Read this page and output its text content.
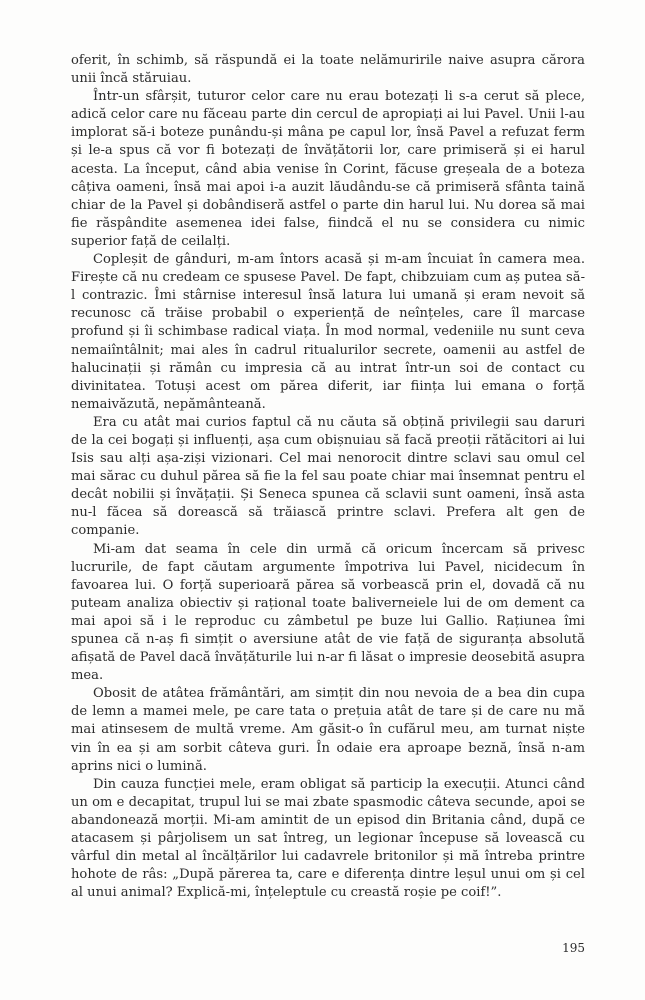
oferit, în schimb, să răspundă ei la toate nelămuririle naive asupra cărora unii încă stăruiau.

Într-un sfârșit, tuturor celor care nu erau botezați li s-a cerut să plece, adică celor care nu făceau parte din cercul de apropiați ai lui Pavel. Unii l-au implorat să-i boteze punându-și mâna pe capul lor, însă Pavel a refuzat ferm și le-a spus că vor fi botezați de învățătorii lor, care primiseră și ei harul acesta. La început, când abia venise în Corint, făcuse greșeala de a boteza câțiva oameni, însă mai apoi i-a auzit lăudându-se că primiseră sfânta taină chiar de la Pavel și dobândiseră astfel o parte din harul lui. Nu dorea să mai fie răspândite asemenea idei false, fiindcă el nu se considera cu nimic superior față de ceilalți.

Copleșit de gânduri, m-am întors acasă și m-am încuiat în camera mea. Firește că nu credeam ce spusese Pavel. De fapt, chibzuiam cum aș putea să-l contrazic. Îmi stârnise interesul însă latura lui umană și eram nevoit să recunosc că trăise probabil o experiență de neînțeles, care îl marcase profund și îi schimbase radical viața. În mod normal, vedeniile nu sunt ceva nemaiîntâlnit; mai ales în cadrul ritualurilor secrete, oamenii au astfel de halucinații și rămân cu impresia că au intrat într-un soi de contact cu divinitatea. Totuși acest om părea diferit, iar ființa lui emana o forță nemaivăzută, nepământeană.

Era cu atât mai curios faptul că nu căuta să obțină privilegii sau daruri de la cei bogați și influenți, așa cum obișnuiau să facă preoții rătăcitori ai lui Isis sau alți așa-ziși vizionari. Cel mai nenorocit dintre sclavi sau omul cel mai sărac cu duhul părea să fie la fel sau poate chiar mai însemnat pentru el decât nobilii și învățații. Și Seneca spunea că sclavii sunt oameni, însă asta nu-l făcea să dorească să trăiască printre sclavi. Prefera alt gen de companie.

Mi-am dat seama în cele din urmă că oricum încercam să privesc lucrurile, de fapt căutam argumente împotriva lui Pavel, nicidecum în favoarea lui. O forță superioară părea să vorbească prin el, dovadă că nu puteam analiza obiectiv și rațional toate baliverneiele lui de om dement ca mai apoi să i le reproduc cu zâmbetul pe buze lui Gallio. Rațiunea îmi spunea că n-aș fi simțit o aversiune atât de vie față de siguranța absolută afișată de Pavel dacă învățăturile lui n-ar fi lăsat o impresie deosebită asupra mea.

Obosit de atâtea frământări, am simțit din nou nevoia de a bea din cupa de lemn a mamei mele, pe care tata o prețuia atât de tare și de care nu mă mai atinsesem de multă vreme. Am găsit-o în cufărul meu, am turnat niște vin în ea și am sorbit câteva guri. În odaie era aproape beznă, însă n-am aprins nici o lumină.

Din cauza funcției mele, eram obligat să particip la execuții. Atunci când un om e decapitat, trupul lui se mai zbate spasmodic câteva secunde, apoi se abandonează morții. Mi-am amintit de un episod din Britania când, după ce atacasem și pârjolisem un sat întreg, un legionar începuse să lovească cu vârful din metal al încălțărilor lui cadavrele britonilor și mă întreba printre hohote de râs: „După părerea ta, care e diferența dintre leșul unui om și cel al unui animal? Explică-mi, înțeleptule cu creastă roșie pe coif!”.

195
